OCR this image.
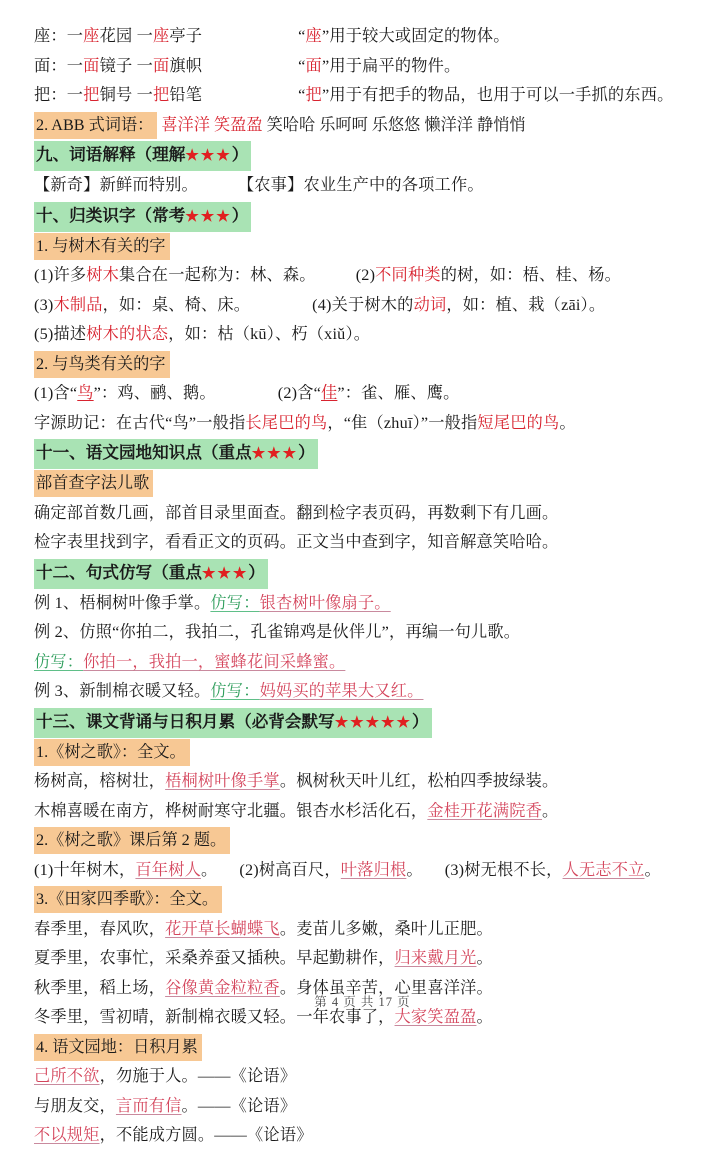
座：一座花园 一座亭子	“座”用于较大或固定的物体。
面：一面镜子 一面旗帜	“面”用于扁平的物件。
把：一把铜号 一把铅笔	“把”用于有把手的物品，也用于可以一手抓的东西。
2. ABB 式词语： 喜洋洋 笑盈盈 笑哈哈 乐呵呵 乐悠悠 懒洋洋 静悄悄
九、词语解释（理解★★★）
【新奇】新鲜而特别。 【农事】农业生产中的各项工作。
十、归类识字（常考★★★）
1. 与树木有关的字
(1)许多树木集合在一起称为：林、森。 (2)不同种类的树，如：梧、桂、杨。
(3)木制品，如：桌、椅、床。	(4)关于树木的动词，如：植、栽（zāi）。
(5)描述树木的状态，如：枯（kū）、朽（xiǔ）。
2. 与鸟类有关的字
(1)含“鸟”：鸡、鹂、鹅。	(2)含“佳”：雀、雁、鹰。
字源助记：在古代“鸟”一般指长尾巴的鸟，“隹（zhuī）”一般指短尾巴的鸟。
十一、语文园地知识点（重点★★★）
部首查字法儿歌
确定部首数几画，部首目录里面查。翻到检字表页码，再数剩下有几画。
检字表里找到字，看看正文的页码。正文当中查到字，知音解意笑哈哈。
十二、句式仿写（重点★★★）
例 1、梧桐树叶像手掌。仿写：银杏树叶像扇子。
例 2、仿照“你拍二，我拍二，孔雀锦鸡是伙伴儿”，再编一句儿歌。
仿写：你拍一，我拍一，蜜蜂花间采蜂蜜。
例 3、新制棉衣暖又轻。仿写：妈妈买的苹果大又红。
十三、课文背诵与日积月累（必背会默写★★★★★）
1.《树之歌》：全文。
杨树高，榕树壮，梧桐树叶像手掌。枫树秋天叶儿红，松柏四季披绿装。
木棉喜暖在南方，桦树耐寒守北疆。银杏水杉活化石，金桂开花满院香。
2.《树之歌》课后第 2 题。
(1)十年树木，百年树人。 (2)树高百尺，叶落归根。 (3)树无根不长，人无志不立。
3.《田家四季歌》：全文。
春季里，春风吹，花开草长蝴蝶飞。麦苗儿多嫩，桑叶儿正肥。
夏季里，农事忙，采桑养蚕又插秧。早起勤耕作，归来戴月光。
秋季里，稻上场，谷像黄金粒粒香。身体虽辛苦，心里喜洋洋。
冬季里，雪初晴，新制棉衣暖又轻。一年农事了，大家笑盈盈。
4. 语文园地：日积月累
己所不欲，勿施于人。——《论语》
与朋友交，言而有信。——《论语》
不以规矩，不能成方圆。——《论语》
第 4 页 共 17 页
